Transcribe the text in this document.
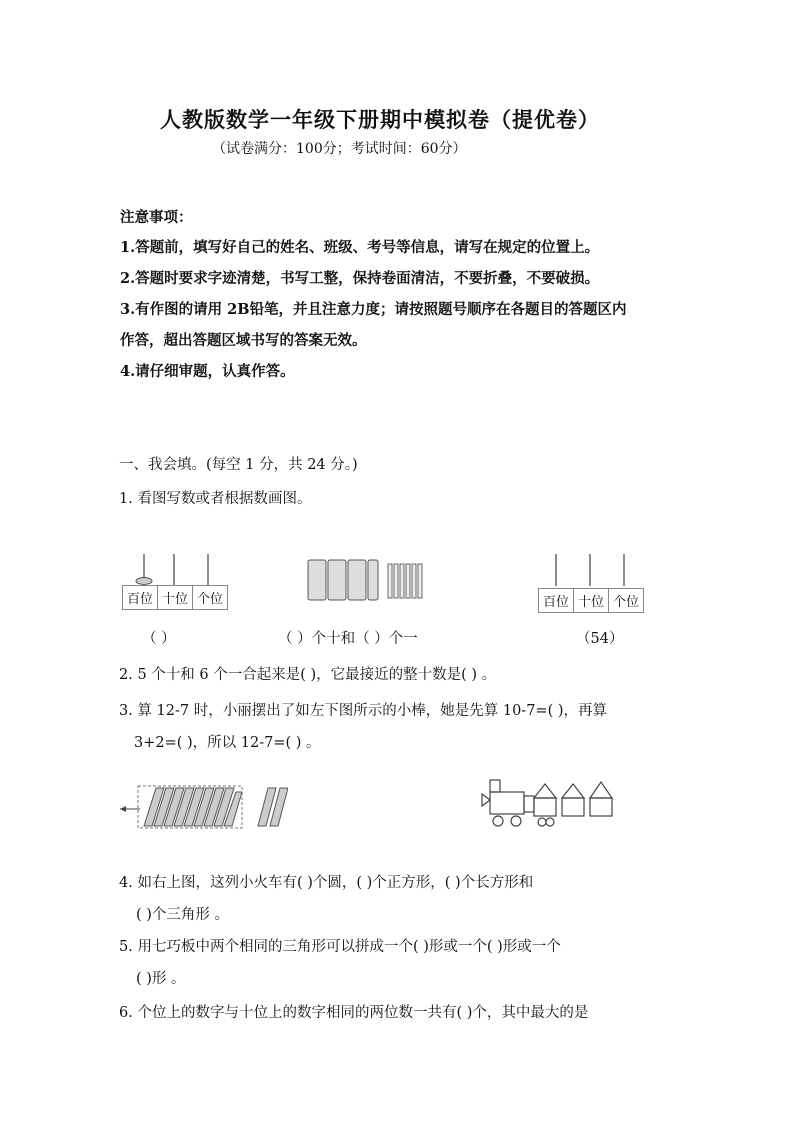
人教版数学一年级下册期中模拟卷（提优卷）
（试卷满分：100分；考试时间：60分）
注意事项：
1.答题前，填写好自己的姓名、班级、考号等信息，请写在规定的位置上。
2.答题时要求字迹清楚，书写工整，保持卷面清洁，不要折叠，不要破损。
3.有作图的请用 2B铅笔，并且注意力度；请按照题号顺序在各题目的答题区内
作答，超出答题区域书写的答案无效。
4.请仔细审题，认真作答。
一、我会填。(每空 1 分，共 24 分。)
1. 看图写数或者根据数画图。
百位 十位 个位	百位 十位 个位
（ ）	（ ）个十和（ ）个一	（54）
2. 5 个十和 6 个一合起来是( )，它最接近的整十数是( ) 。
3. 算 12-7 时，小丽摆出了如左下图所示的小棒，她是先算 10-7=( )，再算
3+2=( )，所以 12-7=( ) 。
4. 如右上图，这列小火车有( )个圆，( )个正方形，( )个长方形和
( )个三角形 。
5. 用七巧板中两个相同的三角形可以拼成一个( )形或一个( )形或一个
( )形 。
6. 个位上的数字与十位上的数字相同的两位数一共有( )个，其中最大的是
